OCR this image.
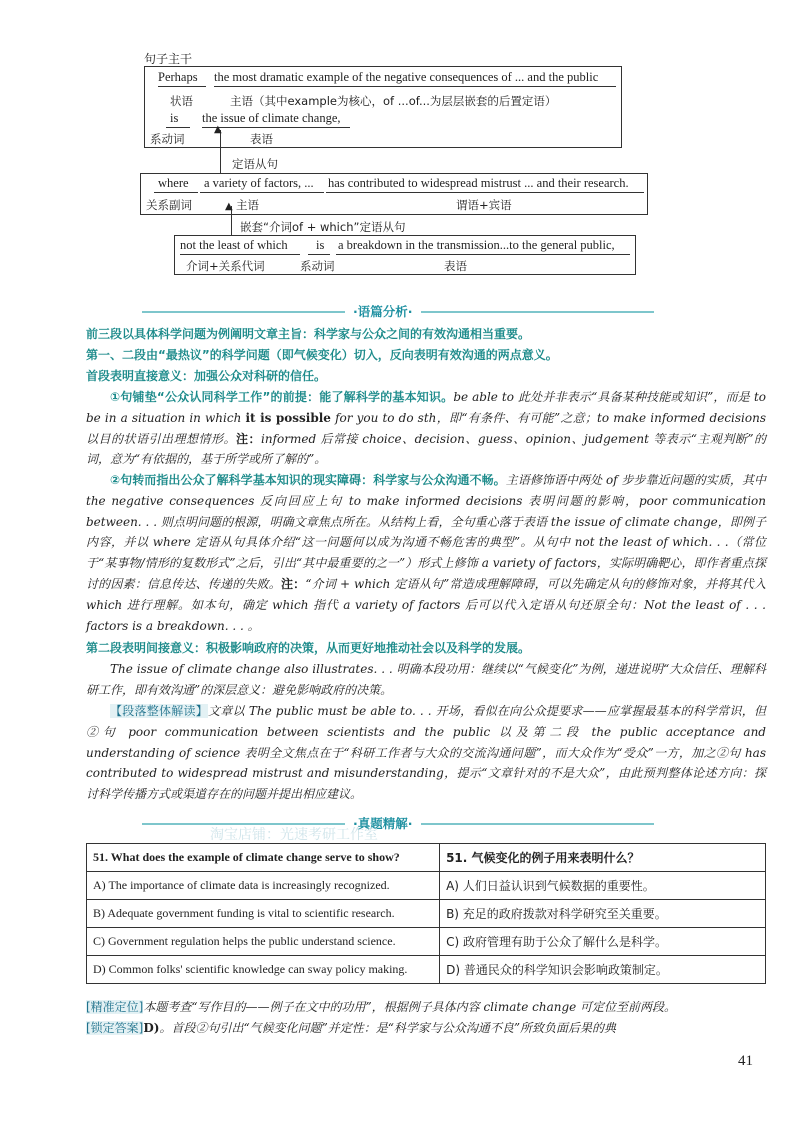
句子主干
Perhaps the most dramatic example of the negative consequences of ... and the public
状语	主语（其中example为核心，of ...of...为层层嵌套的后置定语）
is the issue of climate change,
系动词	表语
▲
定语从句
where a variety of factors, ... has contributed to widespread mistrust ... and their research.
关系副词	主语	谓语+宾语
▲
嵌套“介词of + which”定语从句
not the least of which is a breakdown in the transmission...to the general public,
介词+关系代词	系动词	表语
·语篇分析·
前三段以具体科学问题为例阐明文章主旨：科学家与公众之间的有效沟通相当重要。
第一、二段由“最热议”的科学问题（即气候变化）切入，反向表明有效沟通的两点意义。
首段表明直接意义：加强公众对科研的信任。
①句铺垫“公众认同科学工作”的前提：能了解科学的基本知识。be able to 此处并非表示“具备某种技能或知识”，而是 to be in a situation in which it is possible for you to do sth，即“有条件、有可能”之意；to make informed decisions 以目的状语引出理想情形。注：informed 后常接 choice、decision、guess、opinion、judgement 等表示“主观判断”的词，意为“有依据的，基于所学或所了解的”。
②句转而指出公众了解科学基本知识的现实障碍：科学家与公众沟通不畅。主语修饰语中两处 of 步步靠近问题的实质，其中 the negative consequences 反向回应上句 to make informed decisions 表明问题的影响，poor communication between. . . 则点明问题的根源，明确文章焦点所在。从结构上看，全句重心落于表语 the issue of climate change，即例子内容，并以 where 定语从句具体介绍“这一问题何以成为沟通不畅危害的典型”。从句中 not the least of which. . .（常位于“某事物/情形的复数形式”之后，引出“其中最重要的之一”）形式上修饰 a variety of factors，实际明确靶心，即作者重点探讨的因素：信息传达、传递的失败。注：“介词 + which 定语从句”常造成理解障碍，可以先确定从句的修饰对象，并将其代入 which 进行理解。如本句，确定 which 指代 a variety of factors 后可以代入定语从句还原全句：Not the least of . . . factors is a breakdown. . . 。
第二段表明间接意义：积极影响政府的决策，从而更好地推动社会以及科学的发展。
The issue of climate change also illustrates. . . 明确本段功用：继续以“气候变化”为例，递进说明“大众信任、理解科研工作，即有效沟通”的深层意义：避免影响政府的决策。
【段落整体解读】文章以 The public must be able to. . . 开场，看似在向公众提要求——应掌握最基本的科学常识，但②句 poor communication between scientists and the public 以及第二段 the public acceptance and understanding of science 表明全文焦点在于“科研工作者与大众的交流沟通问题”，而大众作为“受众”一方，加之②句 has contributed to widespread mistrust and misunderstanding，提示“文章针对的不是大众”，由此预判整体论述方向：探讨科学传播方式或渠道存在的问题并提出相应建议。
·真题精解·
淘宝店铺：光速考研工作室
51. What does the example of climate change serve to show?	51. 气候变化的例子用来表明什么？
A) The importance of climate data is increasingly recognized.	A) 人们日益认识到气候数据的重要性。
B) Adequate government funding is vital to scientific research.	B) 充足的政府拨款对科学研究至关重要。
C) Government regulation helps the public understand science.	C) 政府管理有助于公众了解什么是科学。
D) Common folks' scientific knowledge can sway policy making.	D) 普通民众的科学知识会影响政策制定。
[精准定位]本题考查“写作目的——例子在文中的功用”，根据例子具体内容 climate change 可定位至前两段。
[锁定答案]D)。首段②句引出“气候变化问题”并定性：是“科学家与公众沟通不良”所致负面后果的典
41
